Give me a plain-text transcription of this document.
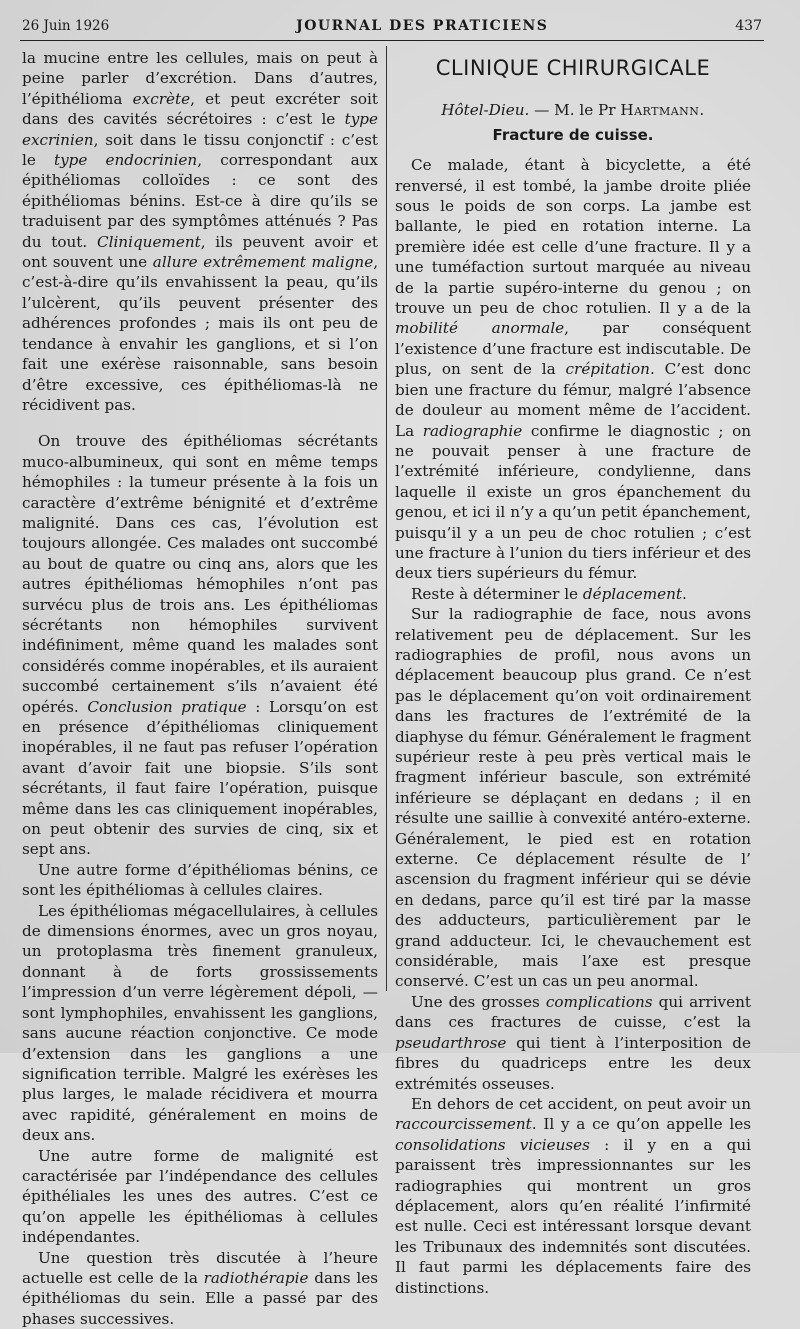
26 Juin 1926	JOURNAL DES PRATICIENS	437

la mucine entre les cellules, mais on peut à peine parler d’excrétion. Dans d’autres, l’épithélioma excrète, et peut excréter soit dans des cavités sécrétoires : c’est le type excrinien, soit dans le tissu conjonctif : c’est le type endocrinien, correspondant aux épithéliomas colloïdes : ce sont des épithéliomas bénins. Est-ce à dire qu’ils se traduisent par des symptômes atténués ? Pas du tout. Cliniquement, ils peuvent avoir et ont souvent une allure extrêmement maligne, c’est-à-dire qu’ils envahissent la peau, qu’ils l’ulcèrent, qu’ils peuvent présenter des adhérences profondes ; mais ils ont peu de tendance à envahir les ganglions, et si l’on fait une exérèse raisonnable, sans besoin d’être excessive, ces épithéliomas-là ne récidivent pas.

On trouve des épithéliomas sécrétants muco-albumineux, qui sont en même temps hémophiles : la tumeur présente à la fois un caractère d’extrême bénignité et d’extrême malignité. Dans ces cas, l’évolution est toujours allongée. Ces malades ont succombé au bout de quatre ou cinq ans, alors que les autres épithéliomas hémophiles n’ont pas survécu plus de trois ans. Les épithéliomas sécrétants non hémophiles survivent indéfiniment, même quand les malades sont considérés comme inopérables, et ils auraient succombé certainement s’ils n’avaient été opérés. Conclusion pratique : Lorsqu’on est en présence d’épithéliomas cliniquement inopérables, il ne faut pas refuser l’opération avant d’avoir fait une biopsie. S’ils sont sécrétants, il faut faire l’opération, puisque même dans les cas cliniquement inopérables, on peut obtenir des survies de cinq, six et sept ans.

Une autre forme d’épithéliomas bénins, ce sont les épithéliomas à cellules claires.

Les épithéliomas mégacellulaires, à cellules de dimensions énormes, avec un gros noyau, un protoplasma très finement granuleux, donnant à de forts grossissements l’impression d’un verre légèrement dépoli, — sont lymphophiles, envahissent les ganglions, sans aucune réaction conjonctive. Ce mode d’extension dans les ganglions a une signification terrible. Malgré les exérèses les plus larges, le malade récidivera et mourra avec rapidité, généralement en moins de deux ans.

Une autre forme de malignité est caractérisée par l’indépendance des cellules épithéliales les unes des autres. C’est ce qu’on appelle les épithéliomas à cellules indépendantes.

Une question très discutée à l’heure actuelle est celle de la radiothérapie dans les épithéliomas du sein. Elle a passé par des phases successives.

CLINIQUE CHIRURGICALE
Hôtel-Dieu. — M. le Pr Hartmann.
Fracture de cuisse.

Ce malade, étant à bicyclette, a été renversé, il est tombé, la jambe droite pliée sous le poids de son corps. La jambe est ballante, le pied en rotation interne. La première idée est celle d’une fracture. Il y a une tuméfaction surtout marquée au niveau de la partie supéro-interne du genou ; on trouve un peu de choc rotulien. Il y a de la mobilité anormale, par conséquent l’existence d’une fracture est indiscutable. De plus, on sent de la crépitation. C’est donc bien une fracture du fémur, malgré l’absence de douleur au moment même de l’accident. La radiographie confirme le diagnostic ; on ne pouvait penser à une fracture de l’extrémité inférieure, condylienne, dans laquelle il existe un gros épanchement du genou, et ici il n’y a qu’un petit épanchement, puisqu’il y a un peu de choc rotulien ; c’est une fracture à l’union du tiers inférieur et des deux tiers supérieurs du fémur.

Reste à déterminer le déplacement.

Sur la radiographie de face, nous avons relativement peu de déplacement. Sur les radiographies de profil, nous avons un déplacement beaucoup plus grand. Ce n’est pas le déplacement qu’on voit ordinairement dans les fractures de l’extrémité de la diaphyse du fémur. Généralement le fragment supérieur reste à peu près vertical mais le fragment inférieur bascule, son extrémité inférieure se déplaçant en dedans ; il en résulte une saillie à convexité antéro-externe. Généralement, le pied est en rotation externe. Ce déplacement résulte de l’ ascension du fragment inférieur qui se dévie en dedans, parce qu’il est tiré par la masse des adducteurs, particulièrement par le grand adducteur. Ici, le chevauchement est considérable, mais l’axe est presque conservé. C’est un cas un peu anormal.

Une des grosses complications qui arrivent dans ces fractures de cuisse, c’est la pseudarthrose qui tient à l’interposition de fibres du quadriceps entre les deux extrémités osseuses.

En dehors de cet accident, on peut avoir un raccourcissement. Il y a ce qu’on appelle les consolidations vicieuses : il y en a qui paraissent très impressionnantes sur les radiographies qui montrent un gros déplacement, alors qu’en réalité l’infirmité est nulle. Ceci est intéressant lorsque devant les Tribunaux des indemnités sont discutées. Il faut parmi les déplacements faire des distinctions.
